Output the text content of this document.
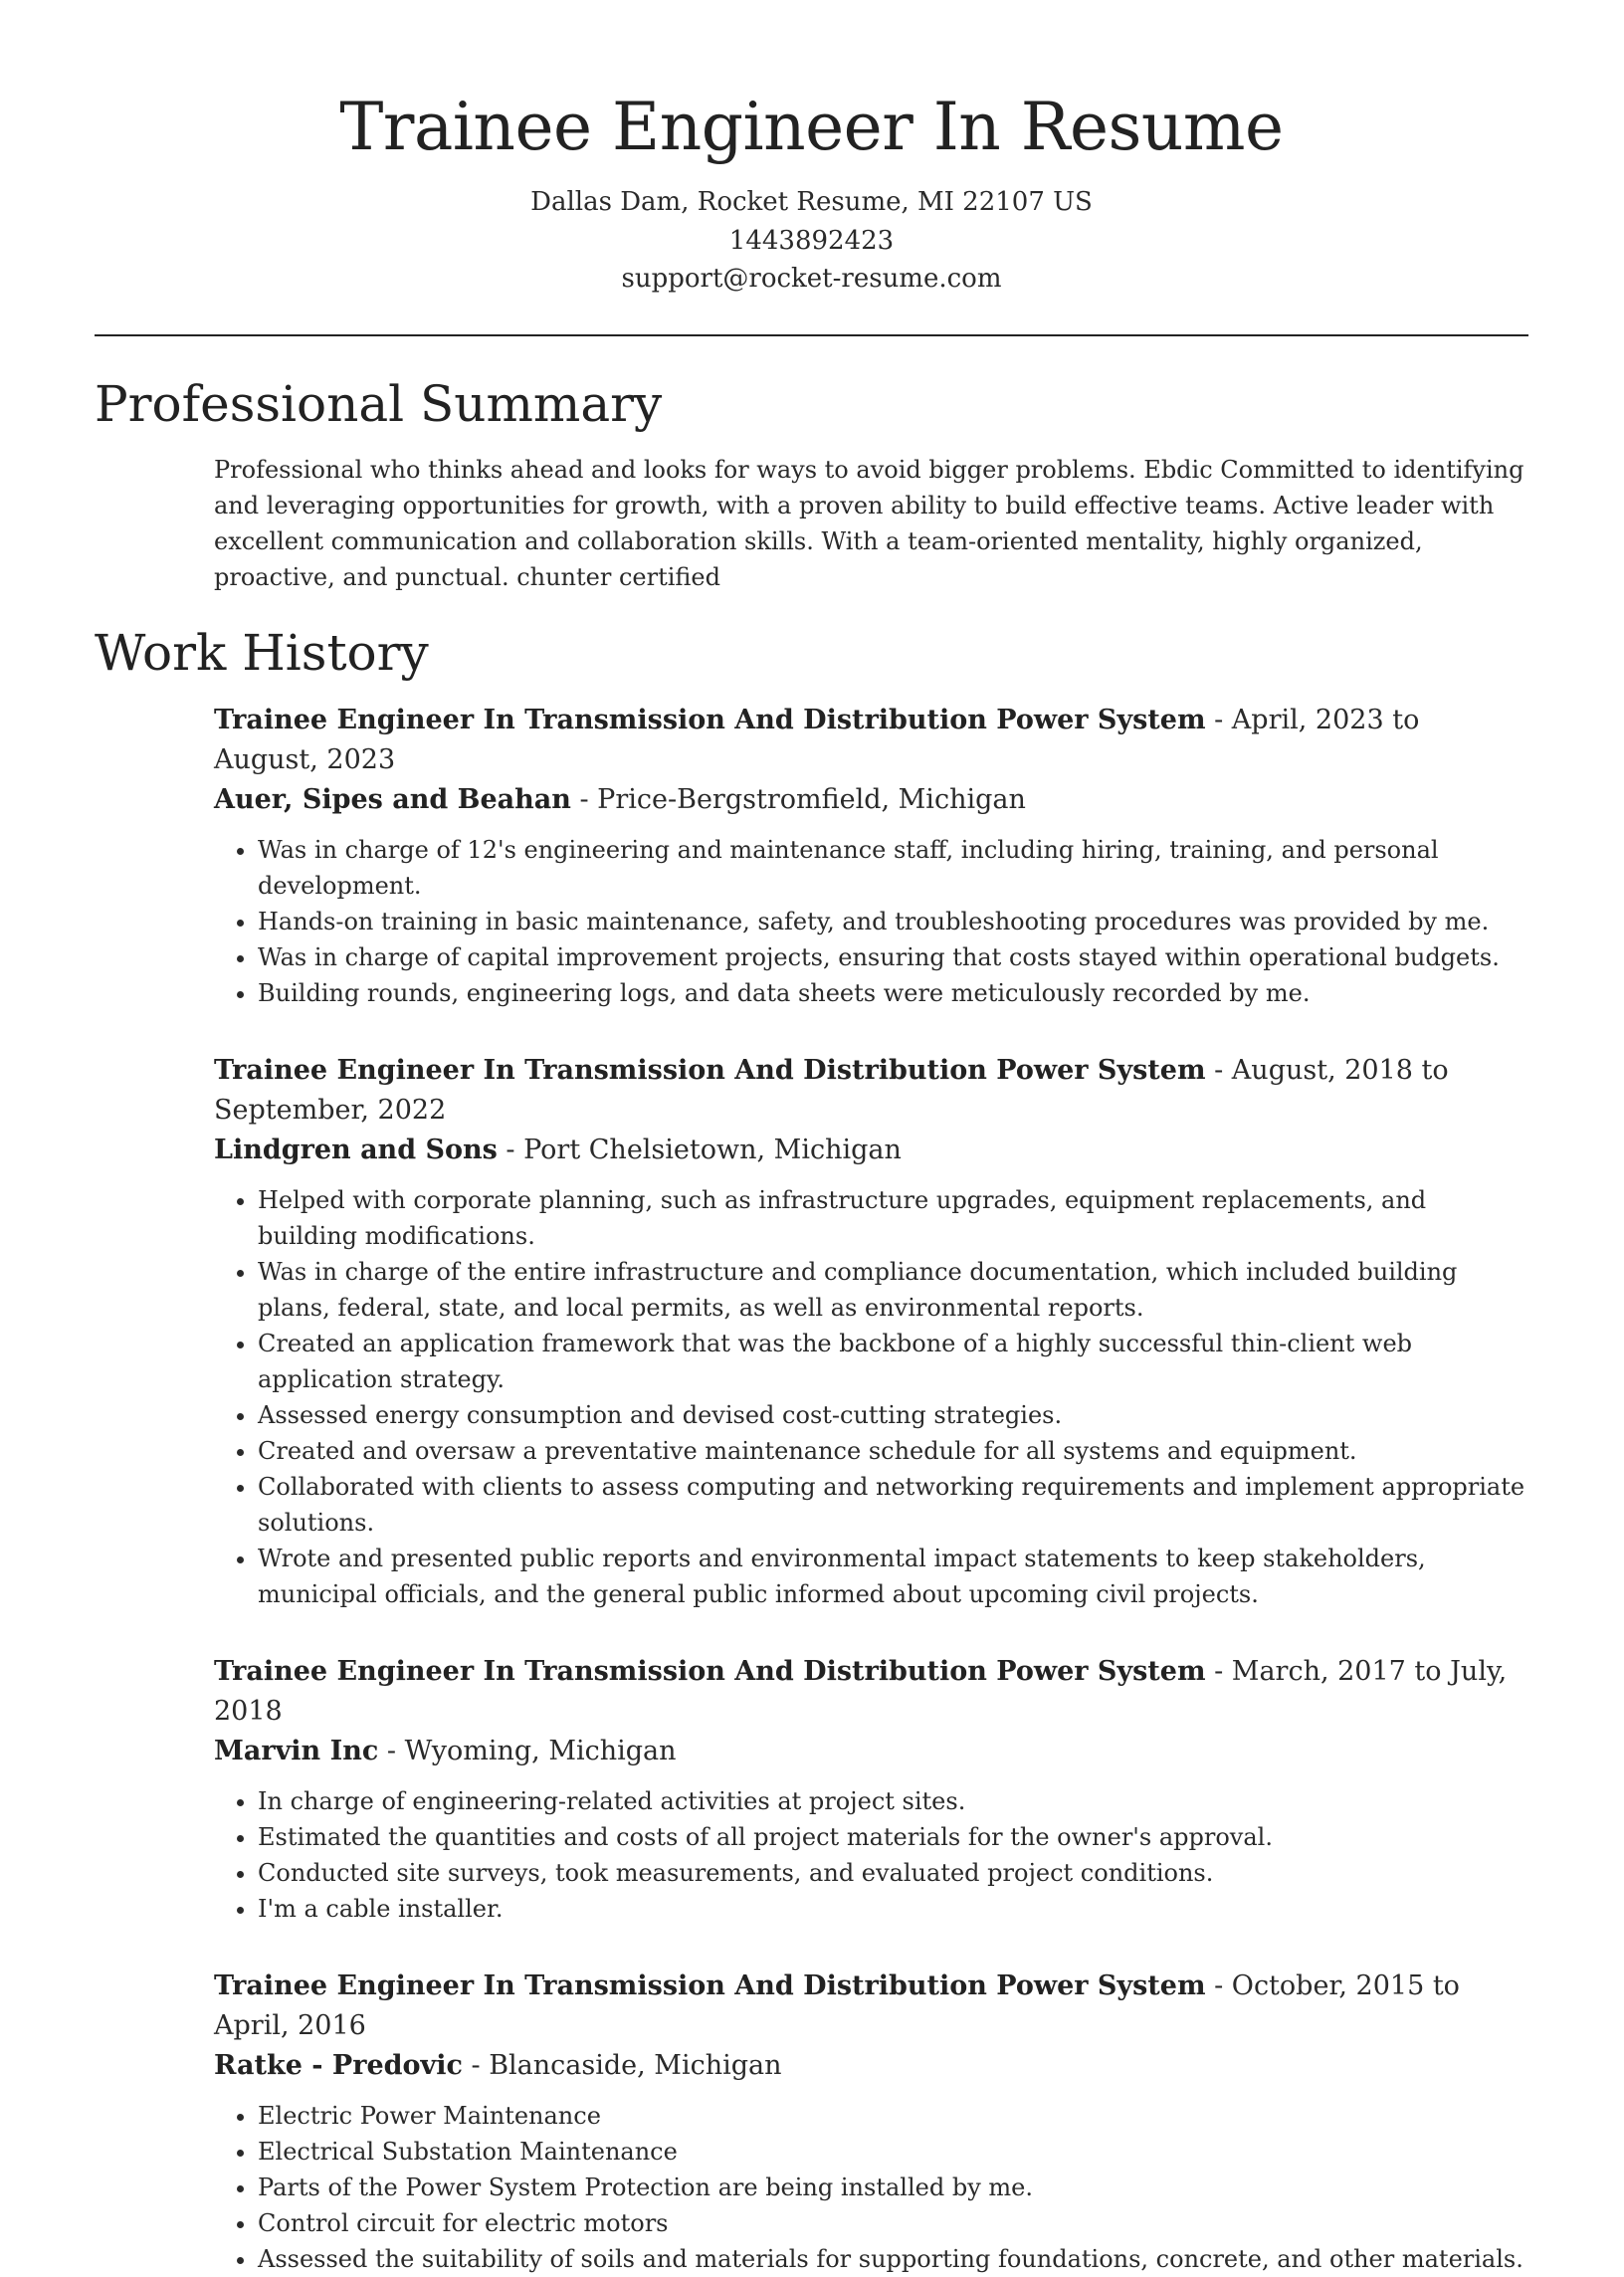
Trainee Engineer In Resume

Dallas Dam, Rocket Resume, MI 22107 US

1443892423

support@rocket-resume.com

Professional Summary

Professional who thinks ahead and looks for ways to avoid bigger problems. Ebdic Committed to identifying and leveraging opportunities for growth, with a proven ability to build effective teams. Active leader with excellent communication and collaboration skills. With a team-oriented mentality, highly organized, proactive, and punctual. chunter certified

Work History

Trainee Engineer In Transmission And Distribution Power System - April, 2023 to August, 2023

Auer, Sipes and Beahan - Price-Bergstromfield, Michigan

• Was in charge of 12's engineering and maintenance staff, including hiring, training, and personal development.
• Hands-on training in basic maintenance, safety, and troubleshooting procedures was provided by me.
• Was in charge of capital improvement projects, ensuring that costs stayed within operational budgets.
• Building rounds, engineering logs, and data sheets were meticulously recorded by me.

Trainee Engineer In Transmission And Distribution Power System - August, 2018 to September, 2022

Lindgren and Sons - Port Chelsietown, Michigan

• Helped with corporate planning, such as infrastructure upgrades, equipment replacements, and building modifications.
• Was in charge of the entire infrastructure and compliance documentation, which included building plans, federal, state, and local permits, as well as environmental reports.
• Created an application framework that was the backbone of a highly successful thin-client web application strategy.
• Assessed energy consumption and devised cost-cutting strategies.
• Created and oversaw a preventative maintenance schedule for all systems and equipment.
• Collaborated with clients to assess computing and networking requirements and implement appropriate solutions.
• Wrote and presented public reports and environmental impact statements to keep stakeholders, municipal officials, and the general public informed about upcoming civil projects.

Trainee Engineer In Transmission And Distribution Power System - March, 2017 to July, 2018

Marvin Inc - Wyoming, Michigan

• In charge of engineering-related activities at project sites.
• Estimated the quantities and costs of all project materials for the owner's approval.
• Conducted site surveys, took measurements, and evaluated project conditions.
• I'm a cable installer.

Trainee Engineer In Transmission And Distribution Power System - October, 2015 to April, 2016

Ratke - Predovic - Blancaside, Michigan

• Electric Power Maintenance
• Electrical Substation Maintenance
• Parts of the Power System Protection are being installed by me.
• Control circuit for electric motors
• Assessed the suitability of soils and materials for supporting foundations, concrete, and other materials.
